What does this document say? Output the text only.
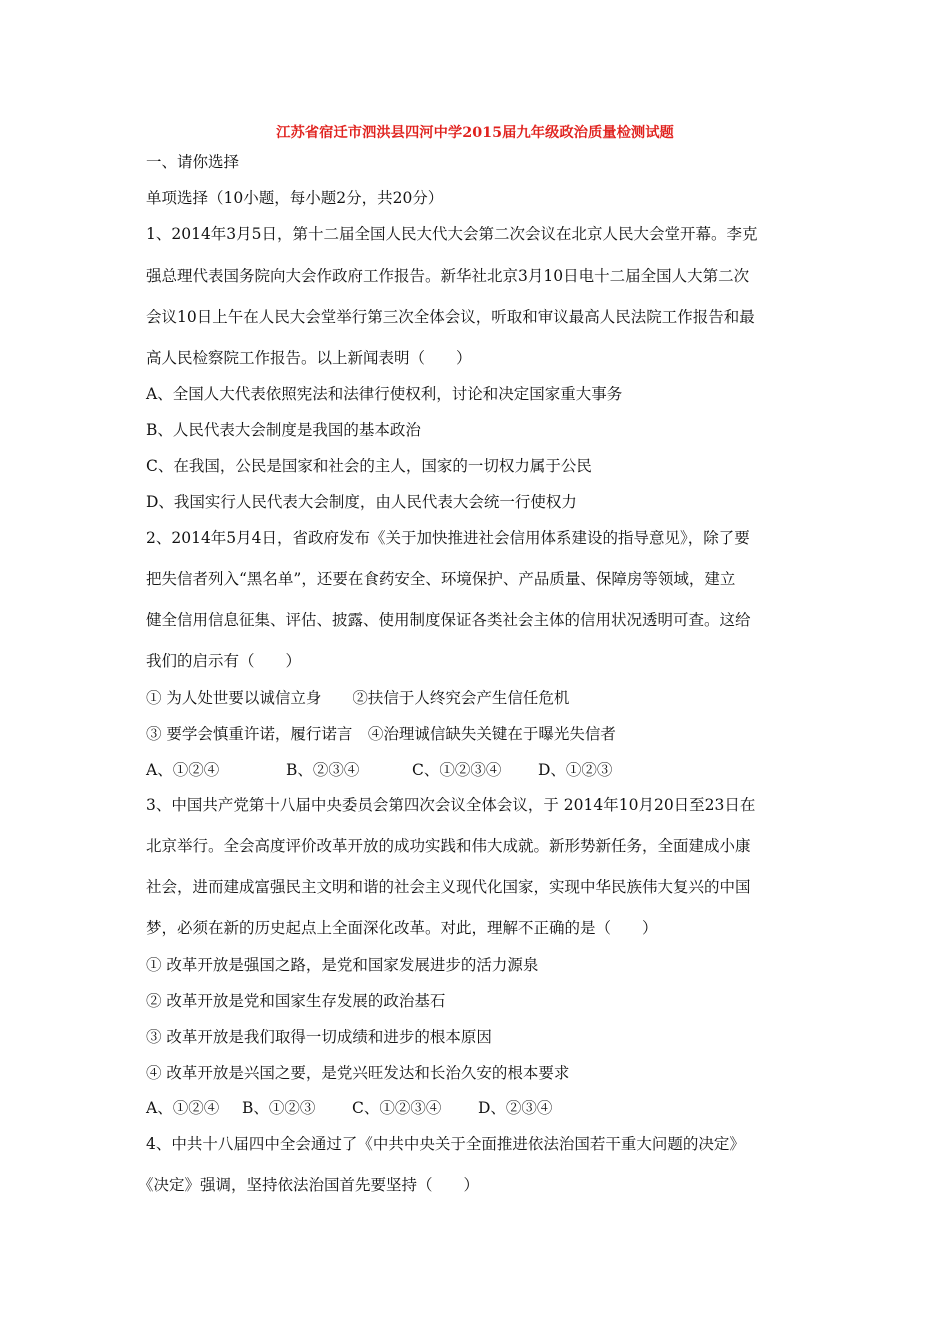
江苏省宿迁市泗洪县四河中学2015届九年级政治质量检测试题
一、请你选择
单项选择（10小题，每小题2分，共20分）
1、2014年3月5日，第十二届全国人民大代大会第二次会议在北京人民大会堂开幕。李克
强总理代表国务院向大会作政府工作报告。新华社北京3月10日电十二届全国人大第二次
会议10日上午在人民大会堂举行第三次全体会议，听取和审议最高人民法院工作报告和最
高人民检察院工作报告。以上新闻表明（　　）
A、全国人大代表依照宪法和法律行使权利，讨论和决定国家重大事务
B、人民代表大会制度是我国的基本政治
C、在我国，公民是国家和社会的主人，国家的一切权力属于公民
D、我国实行人民代表大会制度，由人民代表大会统一行使权力
2、2014年5月4日，省政府发布《关于加快推进社会信用体系建设的指导意见》，除了要
把失信者列入“黑名单”，还要在食药安全、环境保护、产品质量、保障房等领域，建立
健全信用信息征集、评估、披露、使用制度保证各类社会主体的信用状况透明可查。这给
我们的启示有（　　）
① 为人处世要以诚信立身　　②扶信于人终究会产生信任危机
③ 要学会慎重许诺，履行诺言　④治理诚信缺失关键在于曝光失信者
A、①②④	B、②③④	C、①②③④ D、①②③
3、中国共产党第十八届中央委员会第四次会议全体会议，于 2014年10月20日至23日在
北京举行。全会高度评价改革开放的成功实践和伟大成就。新形势新任务，全面建成小康
社会，进而建成富强民主文明和谐的社会主义现代化国家，实现中华民族伟大复兴的中国
梦，必须在新的历史起点上全面深化改革。对此，理解不正确的是（　　）
① 改革开放是强国之路，是党和国家发展进步的活力源泉
② 改革开放是党和国家生存发展的政治基石
③ 改革开放是我们取得一切成绩和进步的根本原因
④ 改革开放是兴国之要，是党兴旺发达和长治久安的根本要求
A、①②④ B、①②③ C、①②③④ D、②③④
4、中共十八届四中全会通过了《中共中央关于全面推进依法治国若干重大问题的决定》
《决定》强调，坚持依法治国首先要坚持（　　）
